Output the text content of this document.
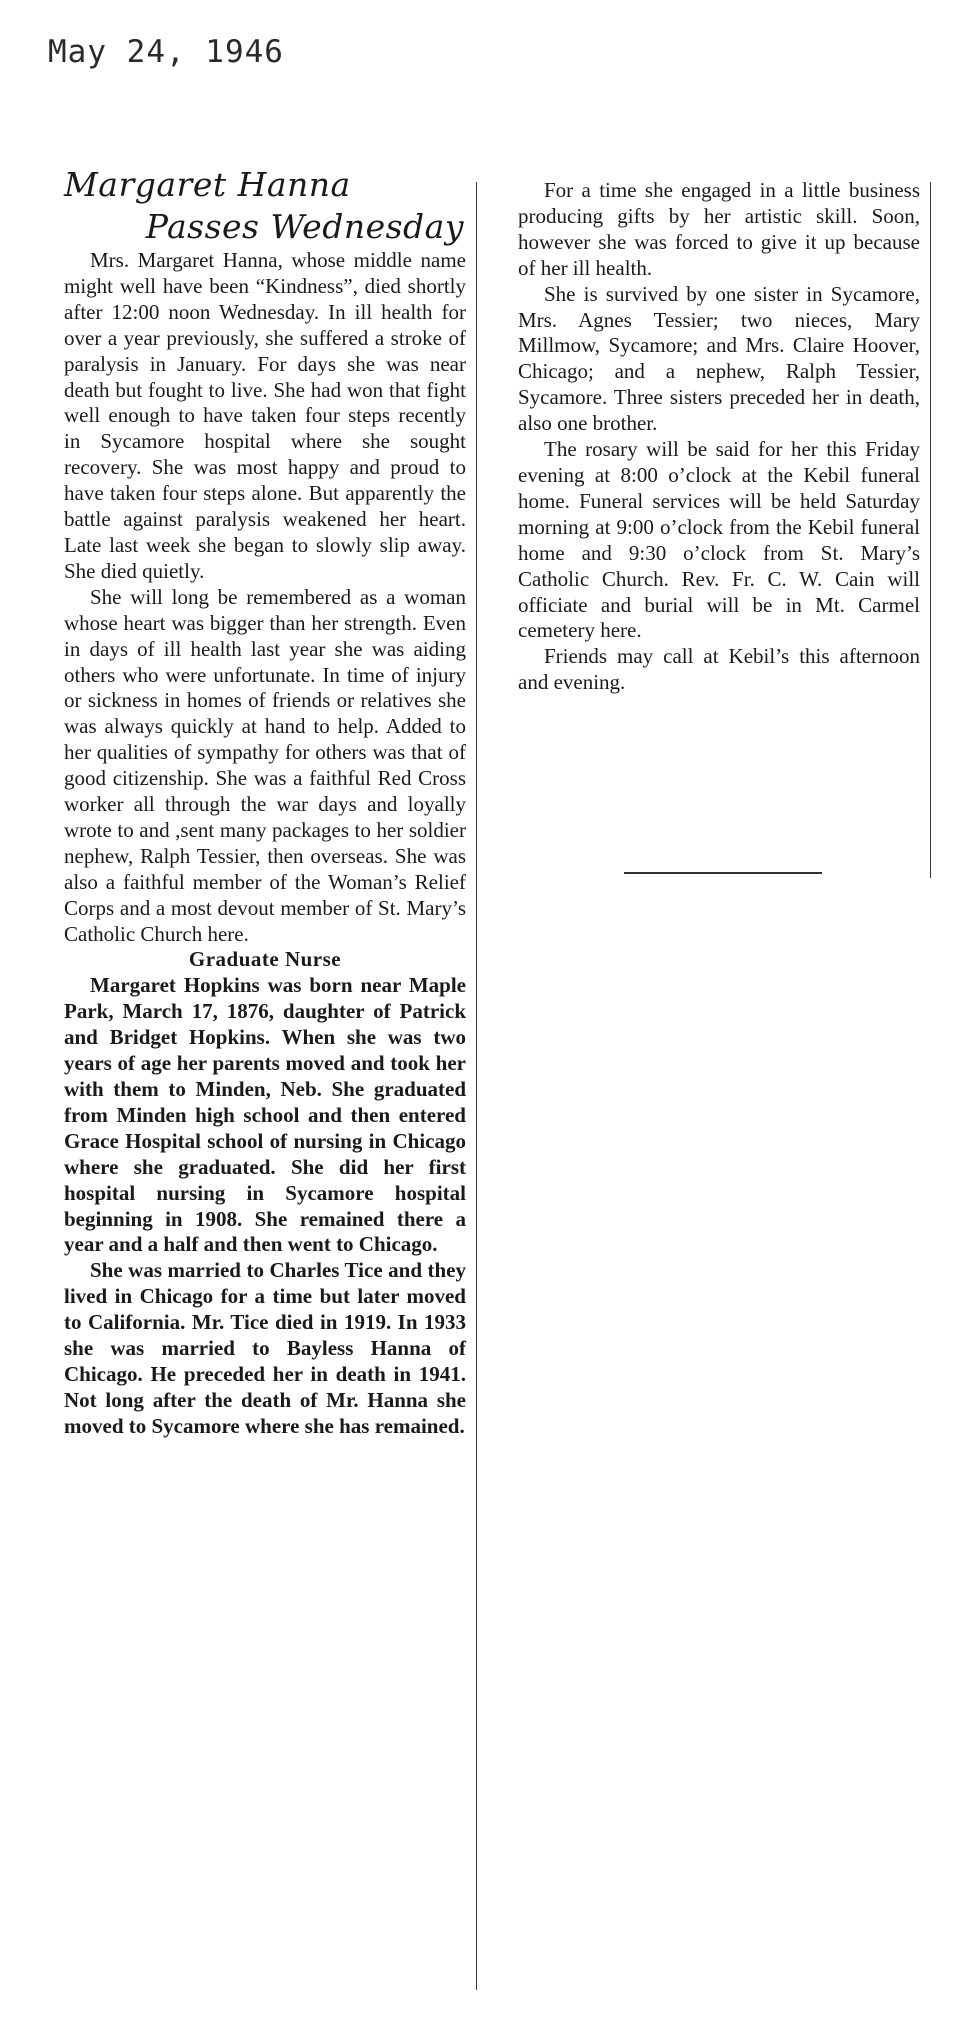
May 24, 1946
Margaret Hanna
Passes Wednesday

Mrs. Margaret Hanna, whose middle name might well have been “Kindness”, died shortly after 12:00 noon Wednesday. In ill health for over a year previously, she suffered a stroke of paralysis in January. For days she was near death but fought to live. She had won that fight well enough to have taken four steps recently in Sycamore hospital where she sought recovery. She was most happy and proud to have taken four steps alone. But apparently the battle against paralysis weakened her heart. Late last week she began to slowly slip away. She died quietly.

She will long be remembered as a woman whose heart was bigger than her strength. Even in days of ill health last year she was aiding others who were unfortunate. In time of injury or sickness in homes of friends or relatives she was always quickly at hand to help. Added to her qualities of sympathy for others was that of good citizenship. She was a faithful Red Cross worker all through the war days and loyally wrote to and ,sent many packages to her soldier nephew, Ralph Tessier, then overseas. She was also a faithful member of the Woman’s Relief Corps and a most devout member of St. Mary’s Catholic Church here.

Graduate Nurse

Margaret Hopkins was born near Maple Park, March 17, 1876, daughter of Patrick and Bridget Hopkins. When she was two years of age her parents moved and took her with them to Minden, Neb. She graduated from Minden high school and then entered Grace Hospital school of nursing in Chicago where she graduated. She did her first hospital nursing in Sycamore hospital beginning in 1908. She remained there a year and a half and then went to Chicago.

She was married to Charles Tice and they lived in Chicago for a time but later moved to California. Mr. Tice died in 1919. In 1933 she was married to Bayless Hanna of Chicago. He preceded her in death in 1941. Not long after the death of Mr. Hanna she moved to Sycamore where she has remained.

For a time she engaged in a little business producing gifts by her artistic skill. Soon, however she was forced to give it up because of her ill health.

She is survived by one sister in Sycamore, Mrs. Agnes Tessier; two nieces, Mary Millmow, Sycamore; and Mrs. Claire Hoover, Chicago; and a nephew, Ralph Tessier, Sycamore. Three sisters preceded her in death, also one brother.

The rosary will be said for her this Friday evening at 8:00 o’clock at the Kebil funeral home. Funeral services will be held Saturday morning at 9:00 o’clock from the Kebil funeral home and 9:30 o’clock from St. Mary’s Catholic Church. Rev. Fr. C. W. Cain will officiate and burial will be in Mt. Carmel cemetery here.

Friends may call at Kebil’s this afternoon and evening.
